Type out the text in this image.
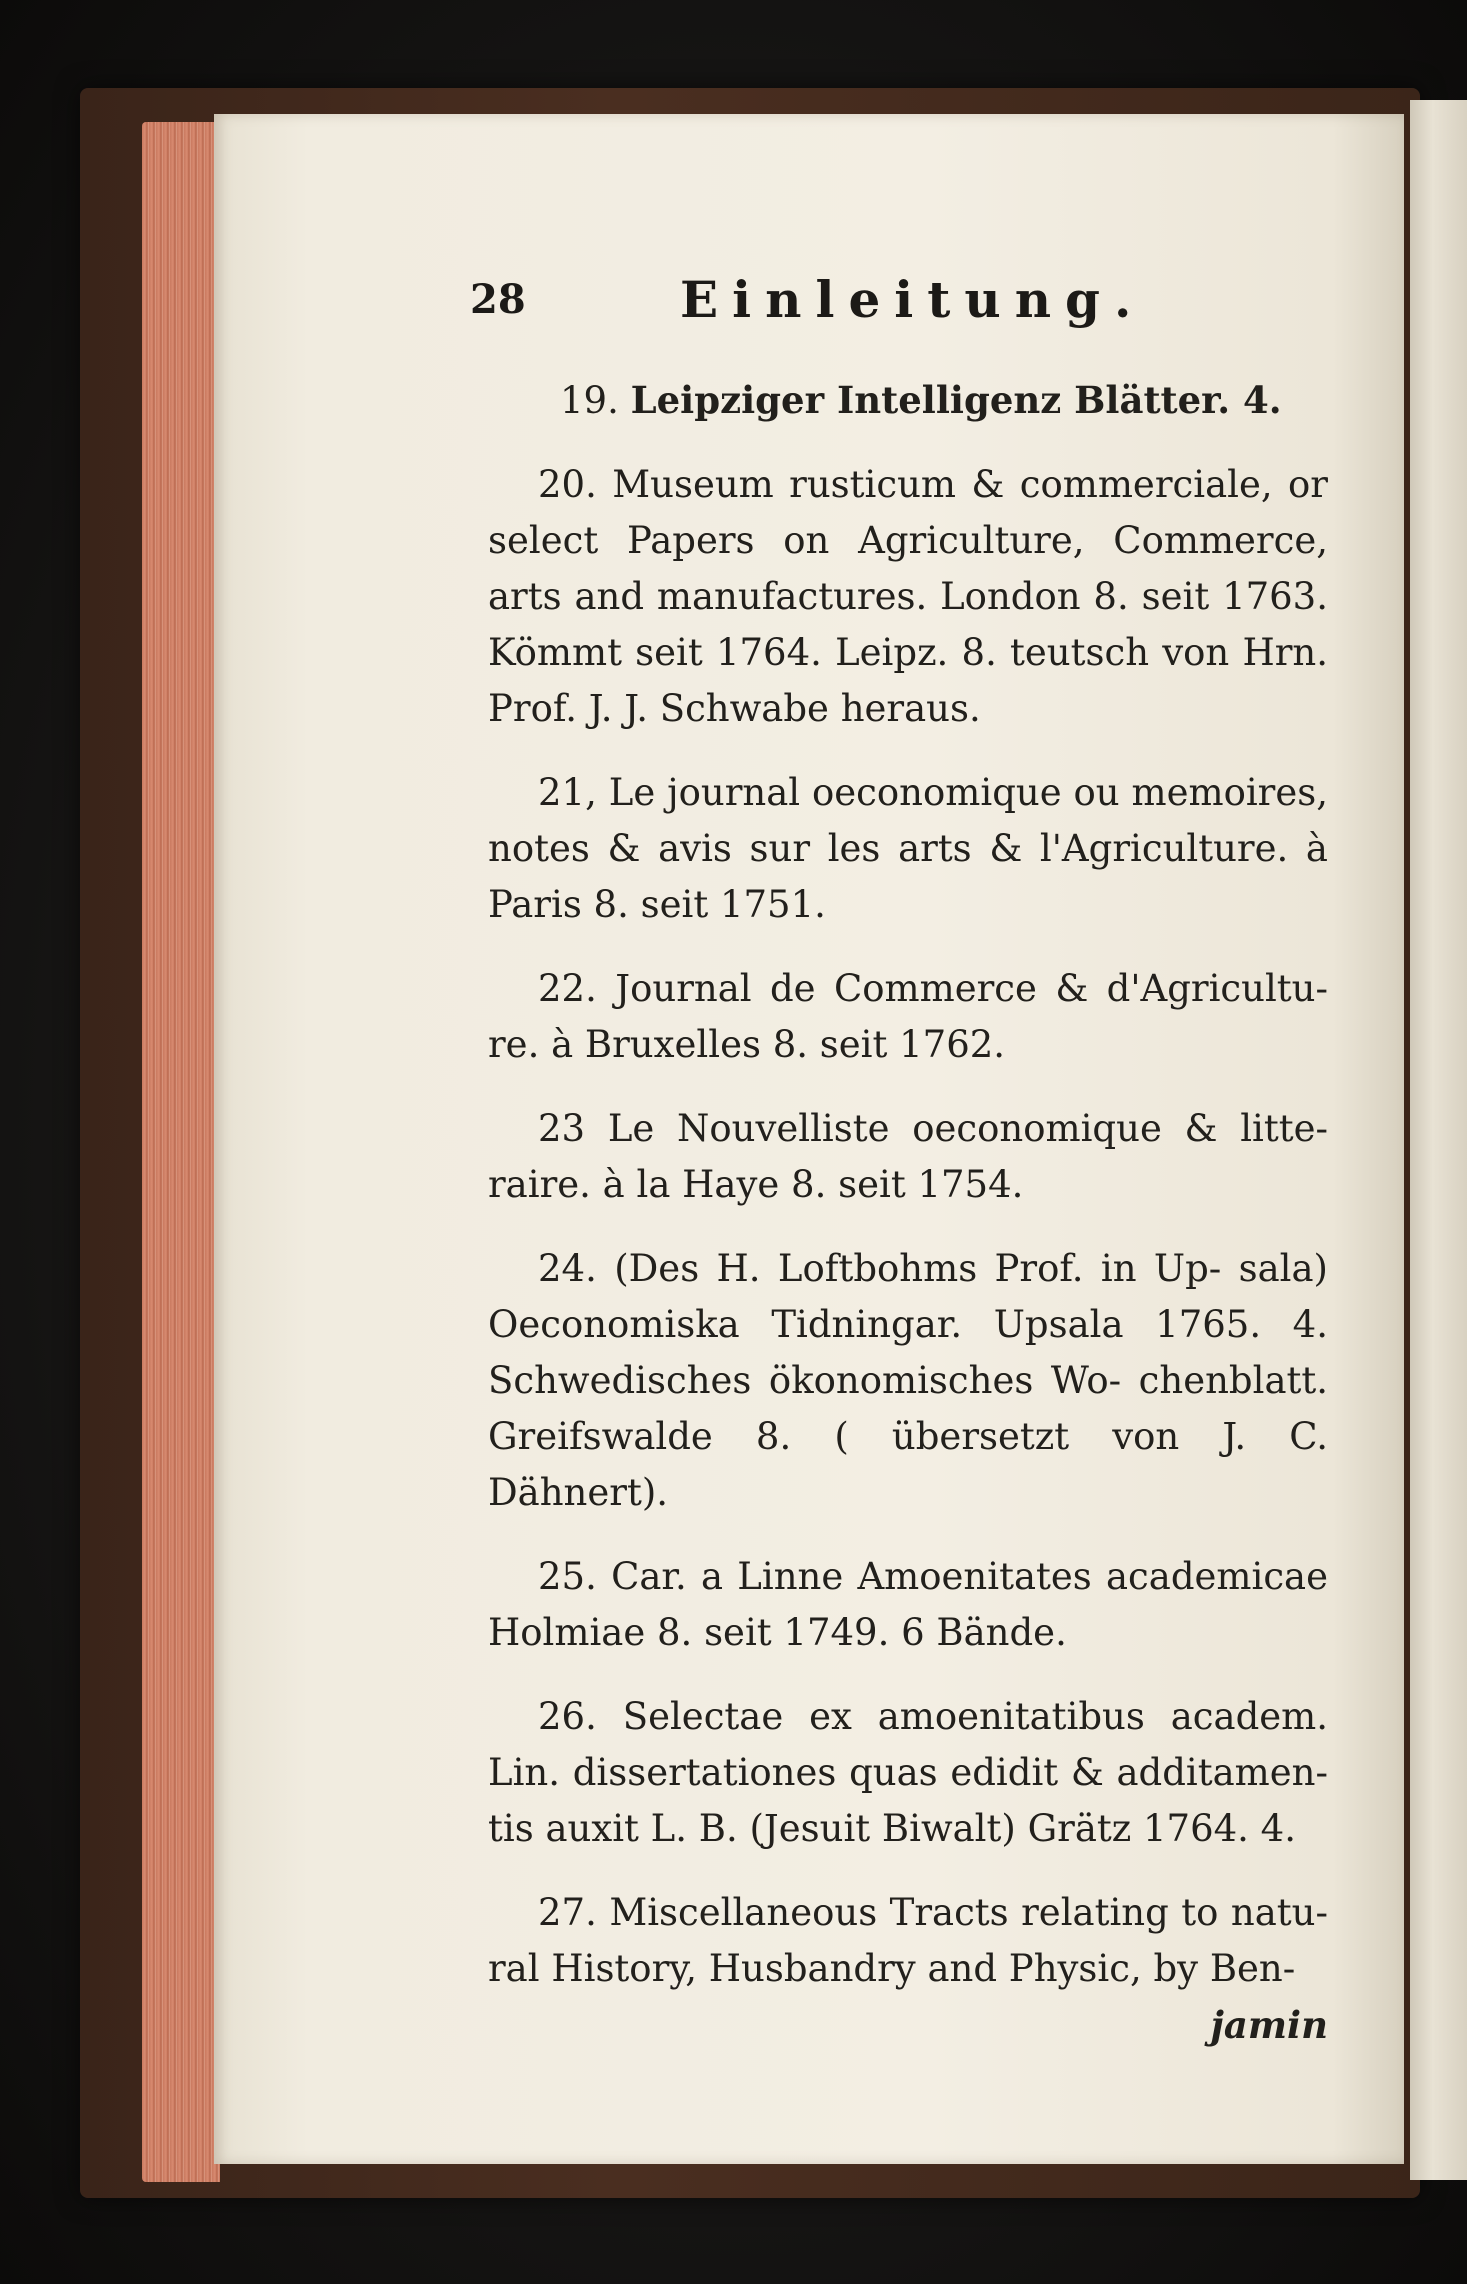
28	Einleitung.

19. Leipziger Intelligenz Blätter. 4.

20. Museum rusticum & commerciale, or select Papers on Agriculture, Commerce, arts and manufactures. London 8. seit 1763. Kömmt seit 1764. Leipz. 8. teutsch von Hrn. Prof. J. J. Schwabe heraus.

21, Le journal oeconomique ou memoires, notes & avis sur les arts & l'Agriculture. à Paris 8. seit 1751.

22. Journal de Commerce & d'Agricultu- re. à Bruxelles 8. seit 1762.

23 Le Nouvelliste oeconomique & litte- raire. à la Haye 8. seit 1754.

24. (Des H. Loftbohms Prof. in Up- sala) Oeconomiska Tidningar. Upsala 1765. 4. Schwedisches ökonomisches Wo- chenblatt. Greifswalde 8. ( übersetzt von J. C. Dähnert).

25. Car. a Linne Amoenitates academicae Holmiae 8. seit 1749. 6 Bände.

26. Selectae ex amoenitatibus academ. Lin. dissertationes quas edidit & additamen- tis auxit L. B. (Jesuit Biwalt) Grätz 1764. 4.

27. Miscellaneous Tracts relating to natu- ral History, Husbandry and Physic, by Ben-
jamin
